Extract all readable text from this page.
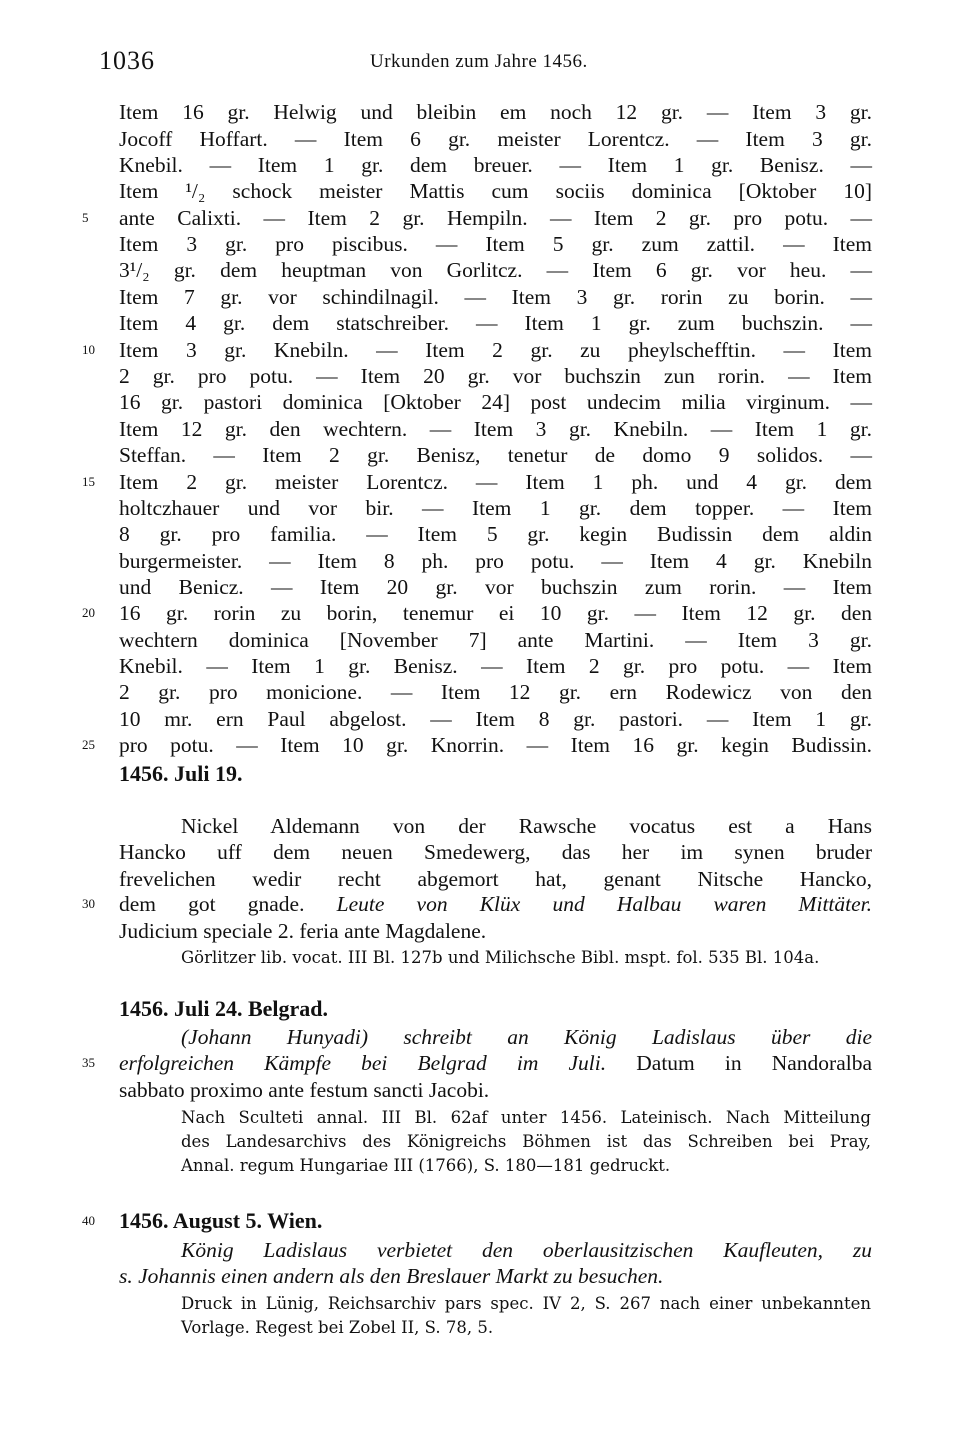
1036	Urkunden zum Jahre 1456.
Item 16 gr. Helwig und bleibin em noch 12 gr. — Item 3 gr.
Jocoff Hoffart. — Item 6 gr. meister Lorentcz. — Item 3 gr.
Knebil. — Item 1 gr. dem breuer. — Item 1 gr. Benisz. —
Item ¹/₂ schock meister Mattis cum sociis dominica [Oktober 10]
ante Calixti. — Item 2 gr. Hempiln. — Item 2 gr. pro potu. —
Item 3 gr. pro piscibus. — Item 5 gr. zum zattil. — Item
3¹/₂ gr. dem heuptman von Gorlitcz. — Item 6 gr. vor heu. —
Item 7 gr. vor schindilnagil. — Item 3 gr. rorin zu borin. —
Item 4 gr. dem statschreiber. — Item 1 gr. zum buchszin. —
Item 3 gr. Knebiln. — Item 2 gr. zu pheylschefftin. — Item
2 gr. pro potu. — Item 20 gr. vor buchszin zun rorin. — Item
16 gr. pastori dominica [Oktober 24] post undecim milia virginum. —
Item 12 gr. den wechtern. — Item 3 gr. Knebiln. — Item 1 gr.
Steffan. — Item 2 gr. Benisz, tenetur de domo 9 solidos. —
Item 2 gr. meister Lorentcz. — Item 1 ph. und 4 gr. dem
holtczhauer und vor bir. — Item 1 gr. dem topper. — Item
8 gr. pro familia. — Item 5 gr. kegin Budissin dem aldin
burgermeister. — Item 8 ph. pro potu. — Item 4 gr. Knebiln
und Benicz. — Item 20 gr. vor buchszin zum rorin. — Item
16 gr. rorin zu borin, tenemur ei 10 gr. — Item 12 gr. den
wechtern dominica [November 7] ante Martini. — Item 3 gr.
Knebil. — Item 1 gr. Benisz. — Item 2 gr. pro potu. — Item
2 gr. pro monicione. — Item 12 gr. ern Rodewicz von den
10 mr. ern Paul abgelost. — Item 8 gr. pastori. — Item 1 gr.
pro potu. — Item 10 gr. Knorrin. — Item 16 gr. kegin Budissin.
5
10
15
20
25
30
35
40
1456. Juli 19.
Nickel Aldemann von der Rawsche vocatus est a Hans
Hancko uff dem neuen Smedewerg, das her im synen bruder
frevelichen wedir recht abgemort hat, genant Nitsche Hancko,
dem got gnade. Leute von Klüx und Halbau waren Mittäter.
Judicium speciale 2. feria ante Magdalene.
Görlitzer lib. vocat. III Bl. 127b und Milichsche Bibl. mspt. fol. 535 Bl. 104a.
1456. Juli 24. Belgrad.
(Johann Hunyadi) schreibt an König Ladislaus über die
erfolgreichen Kämpfe bei Belgrad im Juli. Datum in Nandoralba
sabbato proximo ante festum sancti Jacobi.
Nach Sculteti annal. III Bl. 62af unter 1456. Lateinisch. Nach Mitteilung
des Landesarchivs des Königreichs Böhmen ist das Schreiben bei Pray,
Annal. regum Hungariae III (1766), S. 180—181 gedruckt.
1456. August 5. Wien.
König Ladislaus verbietet den oberlausitzischen Kaufleuten, zu
s. Johannis einen andern als den Breslauer Markt zu besuchen.
Druck in Lünig, Reichsarchiv pars spec. IV 2, S. 267 nach einer unbekannten
Vorlage. Regest bei Zobel II, S. 78, 5.
